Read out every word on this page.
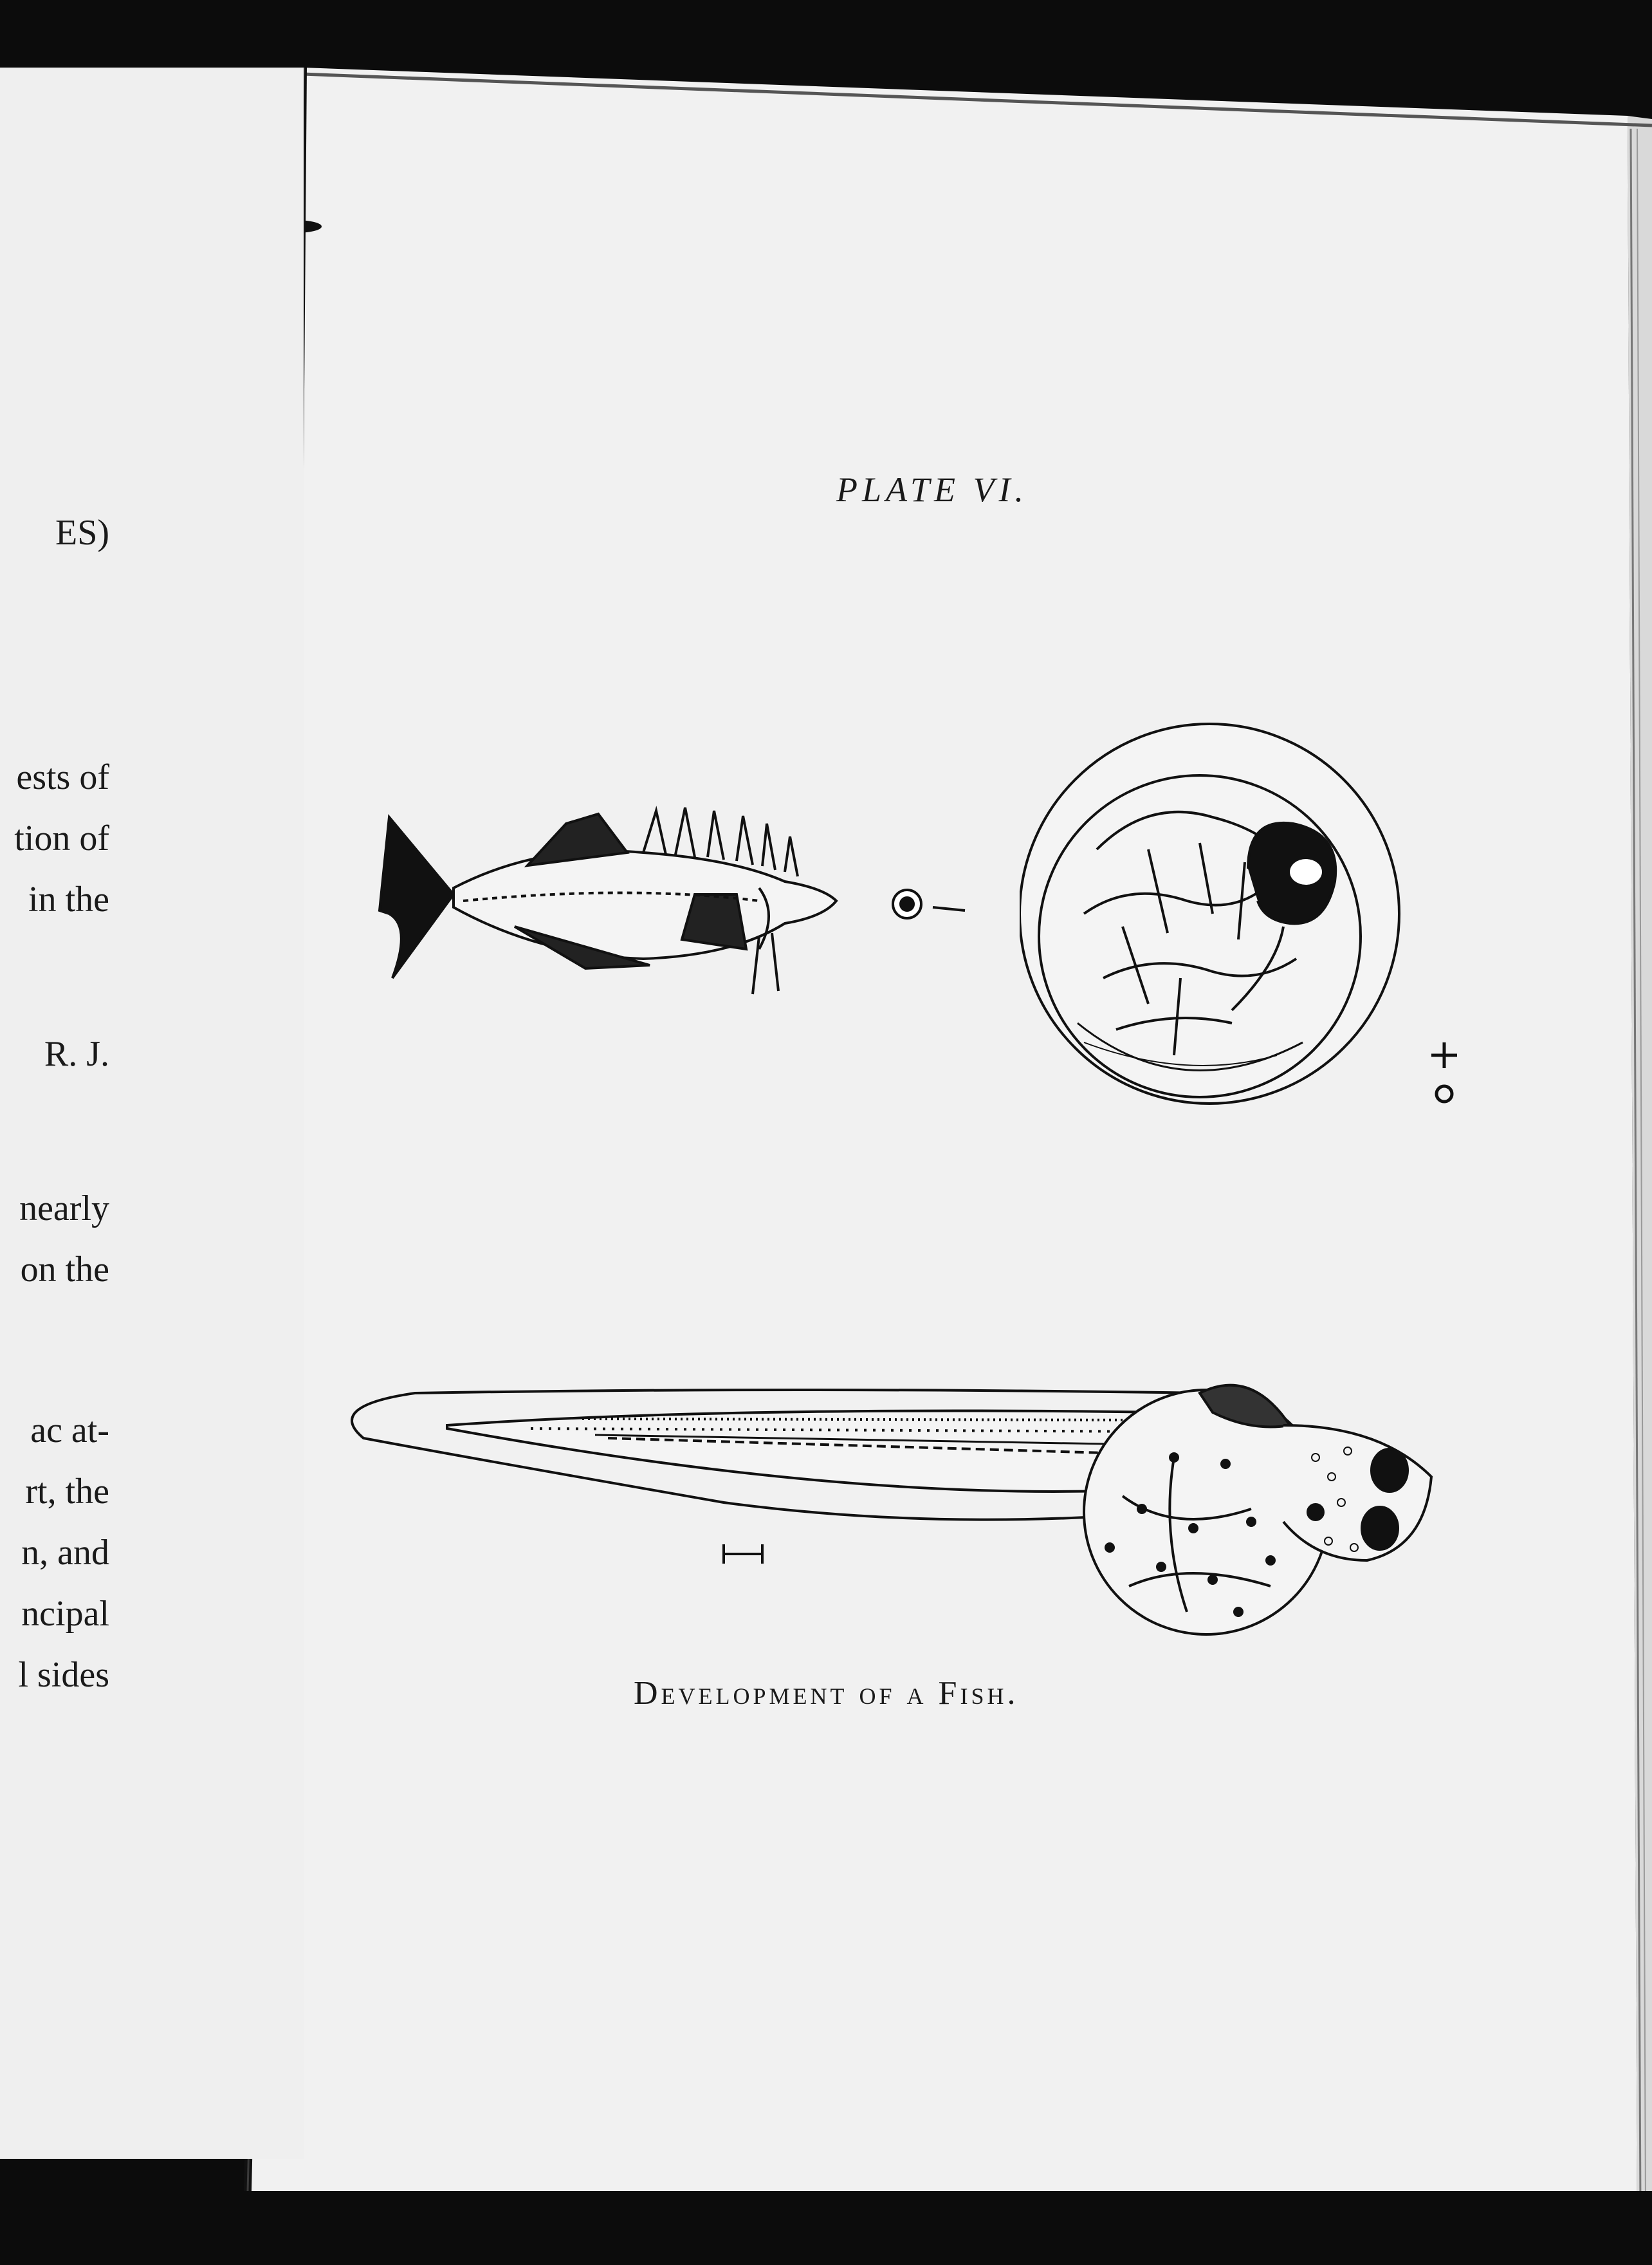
ES)
ests of
tion of
in the
R. J.
nearly
on the
ac at-
rt, the
n, and
ncipal
l sides
PLATE VI.
Development of a Fish.
